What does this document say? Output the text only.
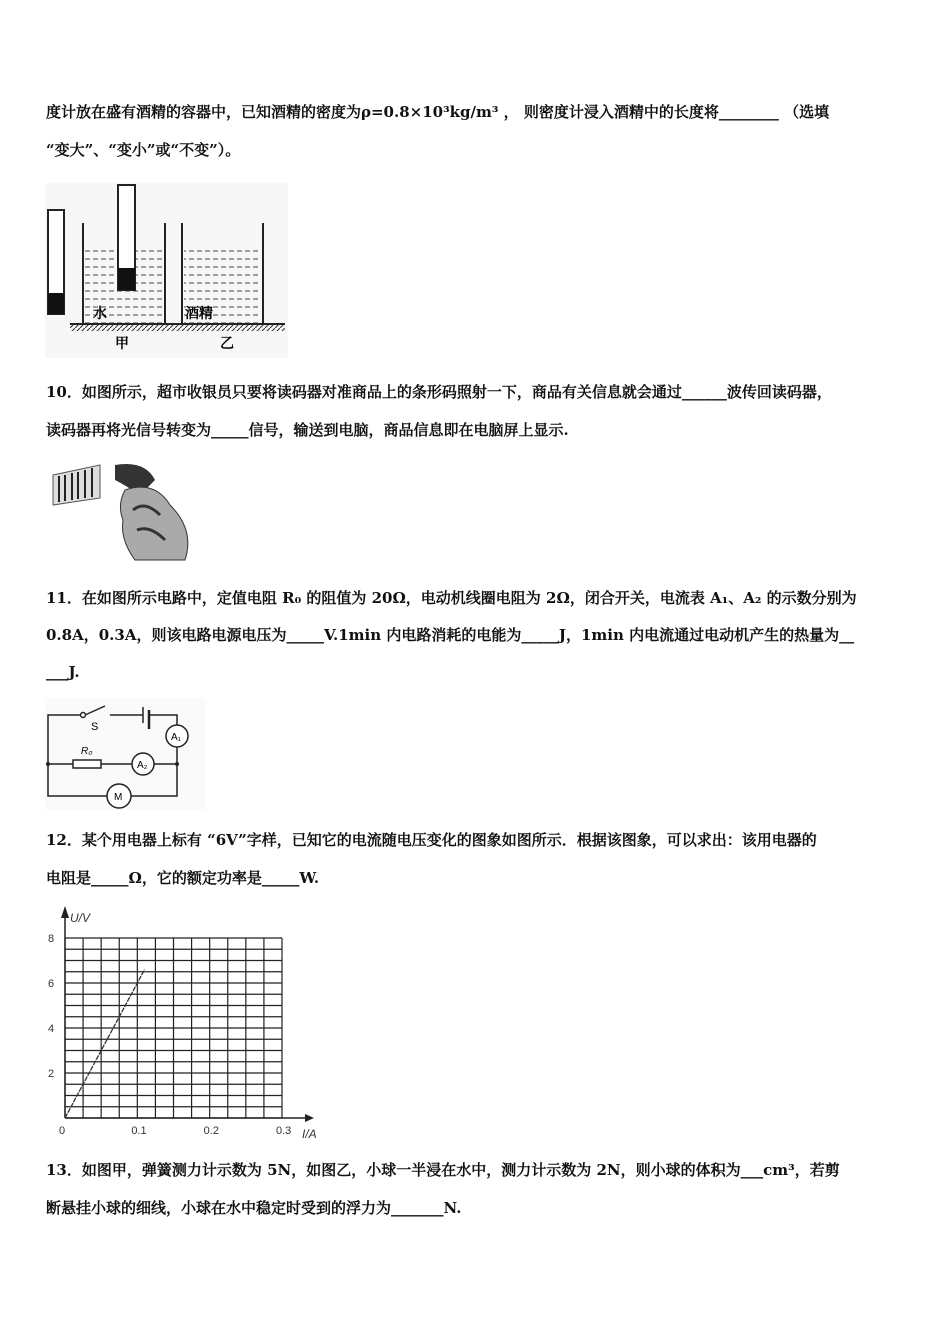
度计放在盛有酒精的容器中，已知酒精的密度为ρ=0.8×10³kg/m³ ， 则密度计浸入酒精中的长度将________ （选填
“变大”、“变小”或“不变”）。
水	酒精
甲	乙
10．如图所示，超市收银员只要将读码器对准商品上的条形码照射一下，商品有关信息就会通过______波传回读码器，
读码器再将光信号转变为_____信号，输送到电脑，商品信息即在电脑屏上显示.
11．在如图所示电路中，定值电阻 R₀ 的阻值为 20Ω，电动机线圈电阻为 2Ω，闭合开关，电流表 A₁、A₂ 的示数分别为
0.8A，0.3A，则该电路电源电压为_____V.1min 内电路消耗的电能为_____J，1min 内电流通过电动机产生的热量为__
___J.
S
R₀
A₁
A₂
M
12．某个用电器上标有 “6V”字样，已知它的电流随电压变化的图象如图所示．根据该图象，可以求出：该用电器的
电阻是_____Ω，它的额定功率是_____W.
U/V
I/A
0	0.1	0.2	0.3
2
4
6
8
13．如图甲，弹簧测力计示数为 5N，如图乙，小球一半浸在水中，测力计示数为 2N，则小球的体积为___cm³，若剪
断悬挂小球的细线，小球在水中稳定时受到的浮力为_______N.
